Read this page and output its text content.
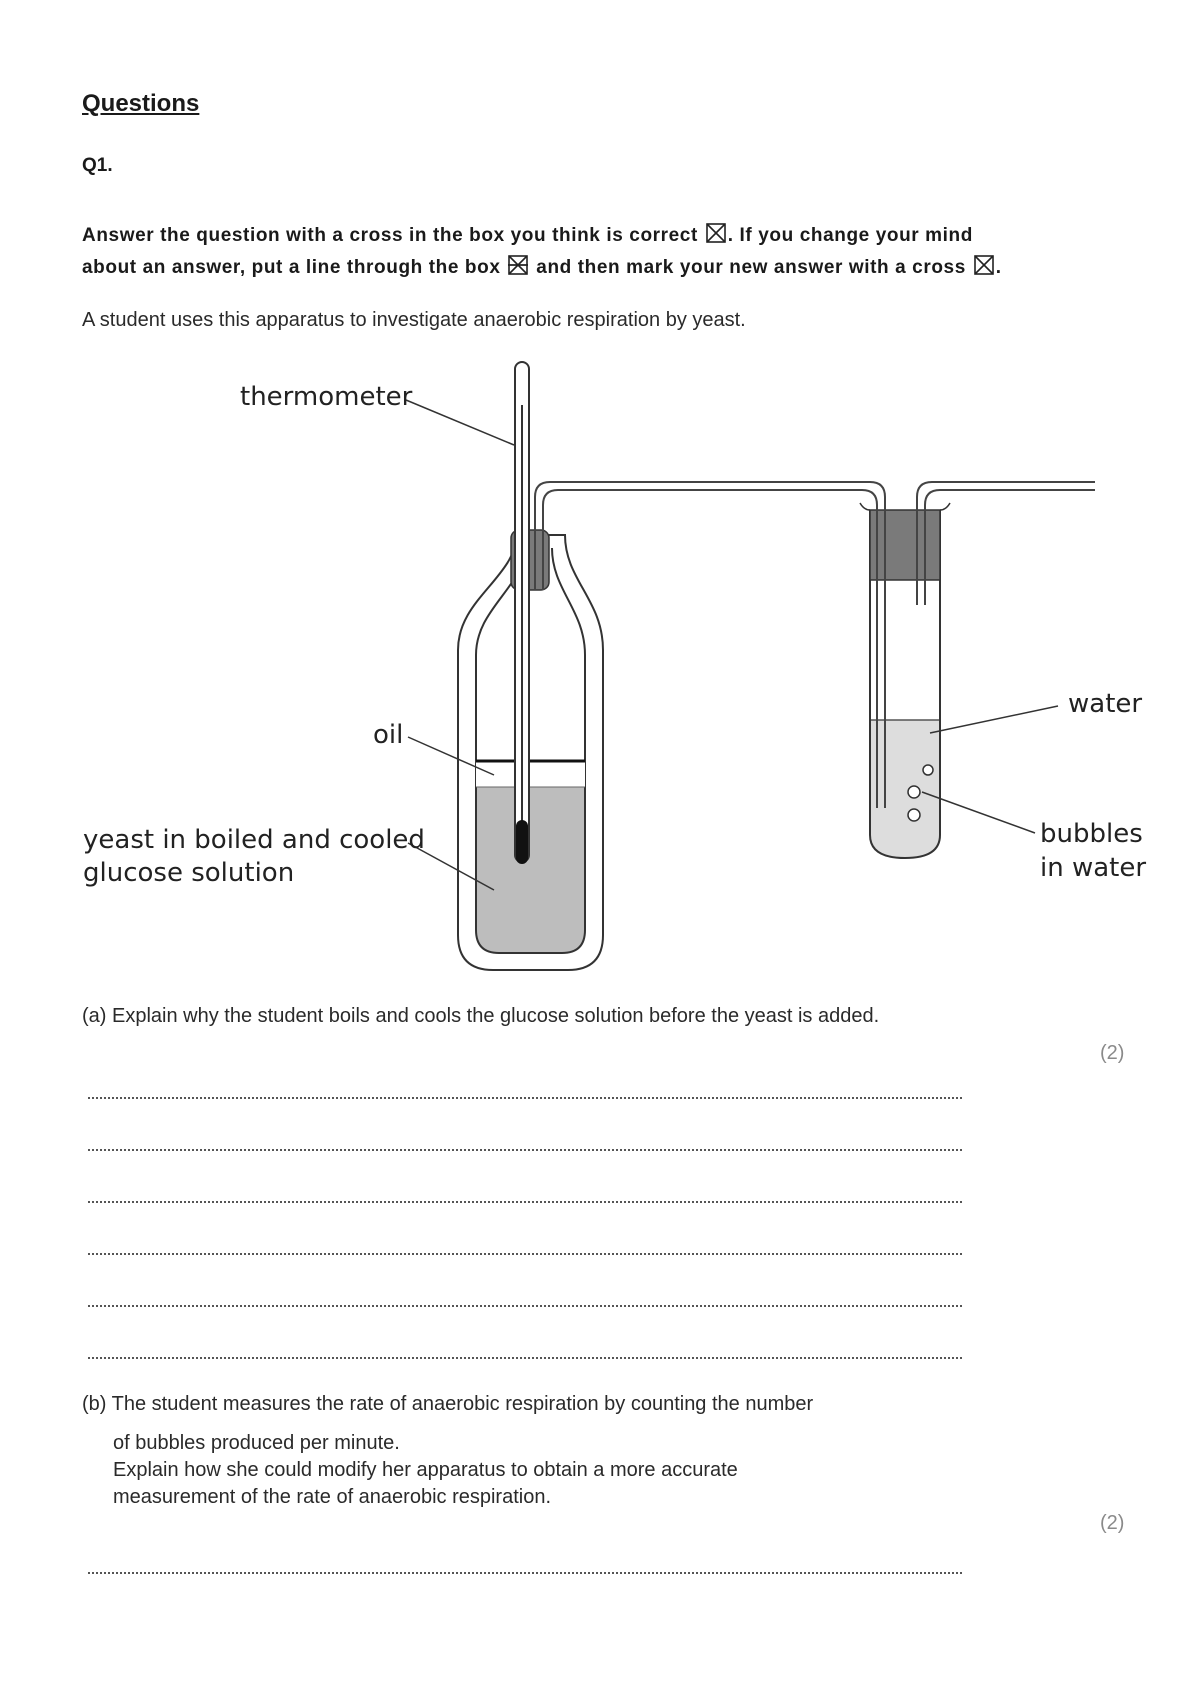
Questions
Q1.
Answer the question with a cross in the box you think is correct ☒ . If you change your mind
about an answer, put a line through the box and then mark your new answer with a cross ☒ .
A student uses this apparatus to investigate anaerobic respiration by yeast.
thermometer
oil
yeast in boiled and cooled
glucose solution
water
bubbles
in water
(a) Explain why the student boils and cools the glucose solution before the yeast is added.
(2)
(b) The student measures the rate of anaerobic respiration by counting the number
of bubbles produced per minute.
Explain how she could modify her apparatus to obtain a more accurate
measurement of the rate of anaerobic respiration.
(2)
